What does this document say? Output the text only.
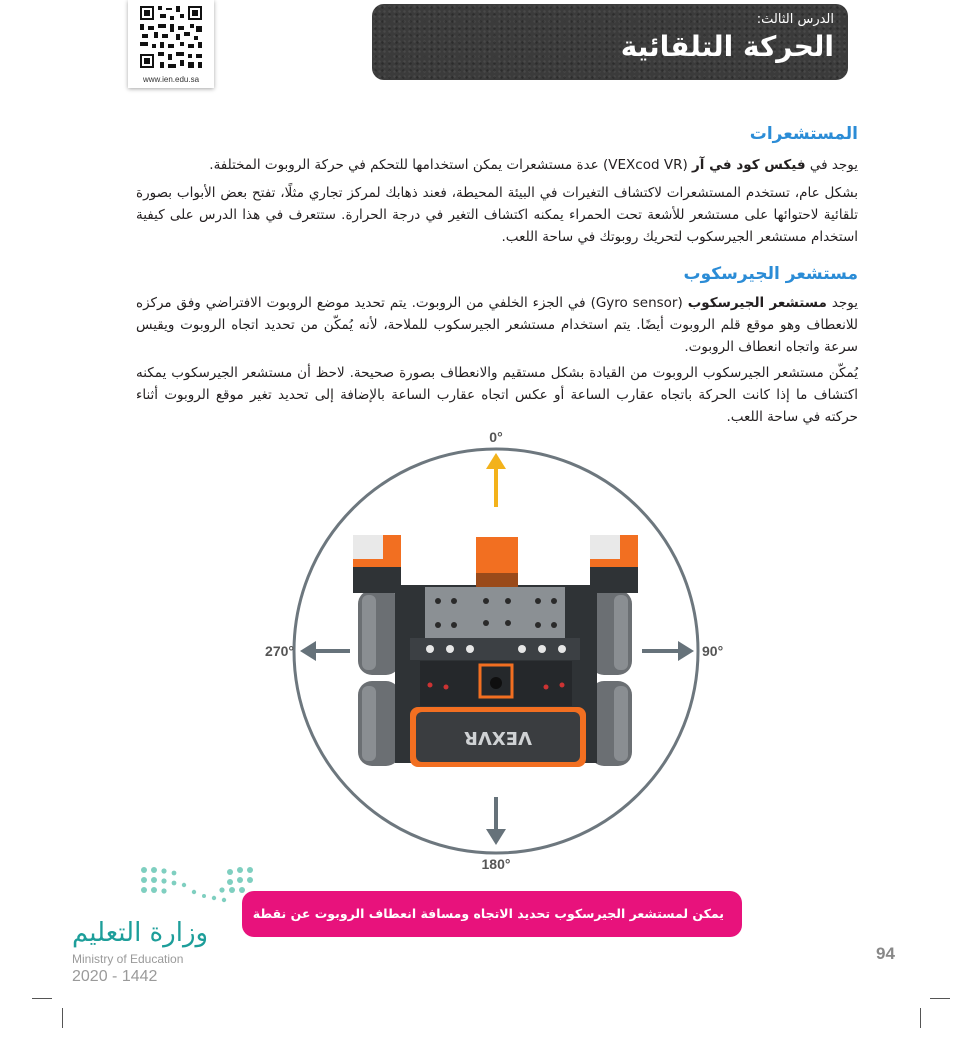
www.ien.edu.sa
الدرس الثالث:
الحركة التلقائية
المستشعرات

يوجد في فيكس كود في آر (VEXcod VR) عدة مستشعرات يمكن استخدامها للتحكم في حركة الروبوت المختلفة.

بشكل عام، تستخدم المستشعرات لاكتشاف التغيرات في البيئة المحيطة، فعند ذهابك لمركز تجاري مثلًا، تفتح بعض الأبواب بصورة تلقائية لاحتوائها على مستشعر للأشعة تحت الحمراء يمكنه اكتشاف التغير في درجة الحرارة. ستتعرف في هذا الدرس على كيفية استخدام مستشعر الجيرسكوب لتحريك روبوتك في ساحة اللعب.

مستشعر الجيرسكوب

يوجد مستشعر الجيرسكوب (Gyro sensor) في الجزء الخلفي من الروبوت. يتم تحديد موضع الروبوت الافتراضي وفق مركزه للانعطاف وهو موقع قلم الروبوت أيضًا. يتم استخدام مستشعر الجيرسكوب للملاحة، لأنه يُمكّن من تحديد اتجاه الروبوت ويقيس سرعة واتجاه انعطاف الروبوت.

يُمكّن مستشعر الجيرسكوب الروبوت من القيادة بشكل مستقيم والانعطاف بصورة صحيحة. لاحظ أن مستشعر الجيرسكوب يمكنه اكتشاف ما إذا كانت الحركة باتجاه عقارب الساعة أو عكس اتجاه عقارب الساعة بالإضافة إلى تحديد تغير موقع الروبوت أثناء حركته في ساحة اللعب.

0°
90°
270°
180°
VEXVR
وزارة التعليم
Ministry of Education
2020 - 1442
يمكن لمستشعر الجيرسكوب تحديد الاتجاه ومسافة انعطاف الروبوت عن نقطة البداية.	94
